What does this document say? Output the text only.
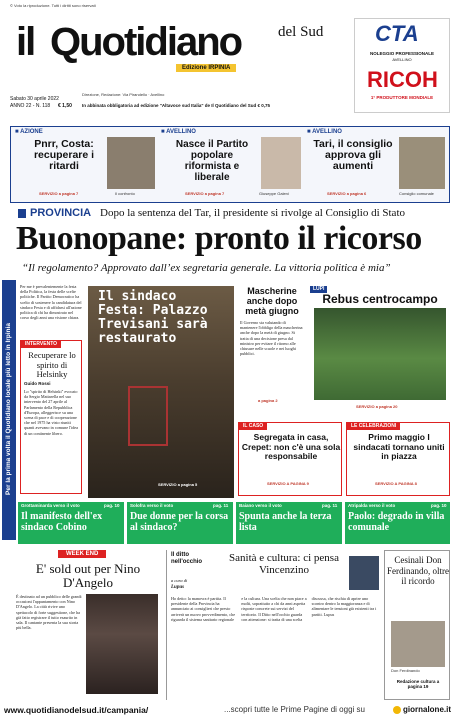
© Voto la riproduzione. Tutti i diritti sono riservati
il Quotidiano del Sud
Edizione IRPINIA
Sabato 30 aprile 2022
ANNO 22 - N. 118 € 1,50
Direzione, Redazione: Via Pirandello · Avellino
In abbinata obbligatoria ad edizione "Altavoce sud Italia" de Il Quotidiano del Sud € 0,75
CTA
NOLEGGIO PROFESSIONALE
AVELLINO
RICOH
1° PRODUTTORE MONDIALE
■ AZIONE
Pnrr, Costa: recuperare i ritardi
SERVIZIO a pagina 7	Il confronto
■ AVELLINO
Nasce il Partito popolare riformista e liberale
SERVIZIO a pagina 7	Giuseppe Galeni
■ AVELLINO
Tari, il consiglio approva gli aumenti
SERVIZIO a pagina 6	Consiglio comunale
PROVINCIA Dopo la sentenza del Tar, il presidente si rivolge al Consiglio di Stato
Buonopane: pronto il ricorso
“Il regolamento? Approvato dall’ex segretaria generale. La vittoria politica è mia”
Per la prima volta il Quotidiano locale più letto in Irpinia
Per me è prevalentemente la festa della Politica, la festa delle scelte politiche. Il Partito Democratico ha scelto di sostenere la candidatura del sindaco Festa e di affidarsi all'azione politica di chi ha dimostrato nel corso degli anni una visione chiara.
INTERVENTO
Recuperare lo spirito di Helsinky
Guido Rossi
Lo "spirito di Helsinki" evocato da Sergio Mattarella nel suo intervento del 27 aprile al Parlamento della Repubblica d'Europa, alleggerisce su una scena di pace e di cooperazione che nel 1975 ha visto riuniti quanti avevano in comune l'idea di un continente libero.
Il sindaco Festa: Palazzo Trevisani sarà restaurato
SERVIZIO a pagina 5
Mascherine anche dopo metà giugno
Il Governo sta valutando di mantenere l'obbligo della mascherina anche dopo la metà di giugno. Si tratta di una decisione presa dal ministro per evitare il ritorno alle chiusure nelle scuole e nei luoghi pubblici.
a pagina 2
LUPI
Rebus centrocampo
SERVIZIO a pagina 20
IL CASO
Segregata in casa, Crepet: non c'è una sola responsabile
SERVIZIO A PAGINA 9
LE CELEBRAZIONI
Primo maggio I sindacati tornano uniti in piazza
SERVIZIO A PAGINA 8
Grottaminarda verso il voto	pag. 10
Il manifesto dell'ex sindaco Cobino
Solofra verso il voto	pag. 11
Due donne per la corsa al sindaco?
Baiano verso il voto	pag. 11
Spunta anche la terza lista
Atripalda verso il voto	pag. 10
Paolo: degrado in villa comunale
WEEK END
E' sold out per Nino D'Angelo
È destinato ad un pubblico delle grandi occasioni l'appuntamento con Nino D'Angelo. La città rivive uno spettacolo di forte suggestione, che ha già fatto registrare il tutto esaurito in sala. Il cantante presenta la sua storia più bella.
Il ditto nell'occhio
a cura di
Lupus
Sanità e cultura: ci pensa Vincenzino
Ho detto: la manovra è partita. Il presidente della Provincia ha annunciato ai consiglieri che presto arriverà un nuovo provvedimento, che riguarda il sistema sanitario regionale e la cultura. Una scelta che non piace a molti, soprattutto a chi da anni aspetta risposte concrete sui servizi del territorio. Il Ditto nell'occhio guarda con attenzione: si tratta di una scelta discussa, che rischia di aprire uno scontro dentro la maggioranza e di alimentare le tensioni già esistenti tra i partiti. Lupus
Cesinali Don Ferdinando, oltre il ricordo
Don Ferdinando
Redazione cultura a pagina 19
www.quotidianodelsud.it/campania/	...scopri tutte le Prime Pagine di oggi su	giornalone.it
